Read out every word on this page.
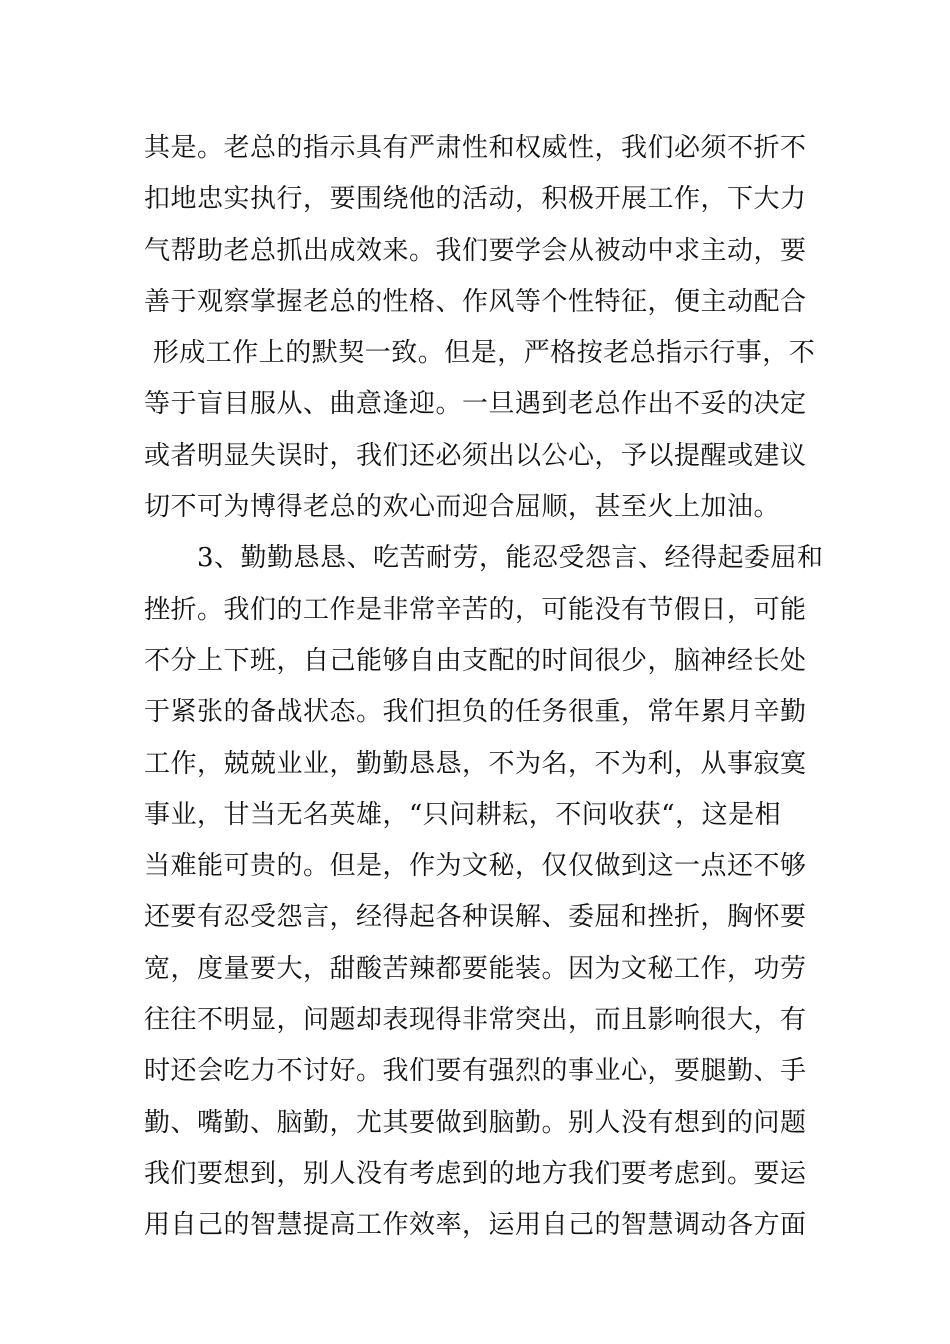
其是。老总的指示具有严肃性和权威性，我们必须不折不
扣地忠实执行，要围绕他的活动，积极开展工作，下大力
气帮助老总抓出成效来。我们要学会从被动中求主动，要
善于观察掌握老总的性格、作风等个性特征，便主动配合
形成工作上的默契一致。但是，严格按老总指示行事，不
等于盲目服从、曲意逢迎。一旦遇到老总作出不妥的决定
或者明显失误时，我们还必须出以公心，予以提醒或建议
切不可为博得老总的欢心而迎合屈顺，甚至火上加油。
　　3、勤勤恳恳、吃苦耐劳，能忍受怨言、经得起委屈和
挫折。我们的工作是非常辛苦的，可能没有节假日，可能
不分上下班，自己能够自由支配的时间很少，脑神经长处
于紧张的备战状态。我们担负的任务很重，常年累月辛勤
工作，兢兢业业，勤勤恳恳，不为名，不为利，从事寂寞
事业，甘当无名英雄，“只问耕耘，不问收获“，这是相
当难能可贵的。但是，作为文秘，仅仅做到这一点还不够
还要有忍受怨言，经得起各种误解、委屈和挫折，胸怀要
宽，度量要大，甜酸苦辣都要能装。因为文秘工作，功劳
往往不明显，问题却表现得非常突出，而且影响很大，有
时还会吃力不讨好。我们要有强烈的事业心，要腿勤、手
勤、嘴勤、脑勤，尤其要做到脑勤。别人没有想到的问题
我们要想到，别人没有考虑到的地方我们要考虑到。要运
用自己的智慧提高工作效率，运用自己的智慧调动各方面
